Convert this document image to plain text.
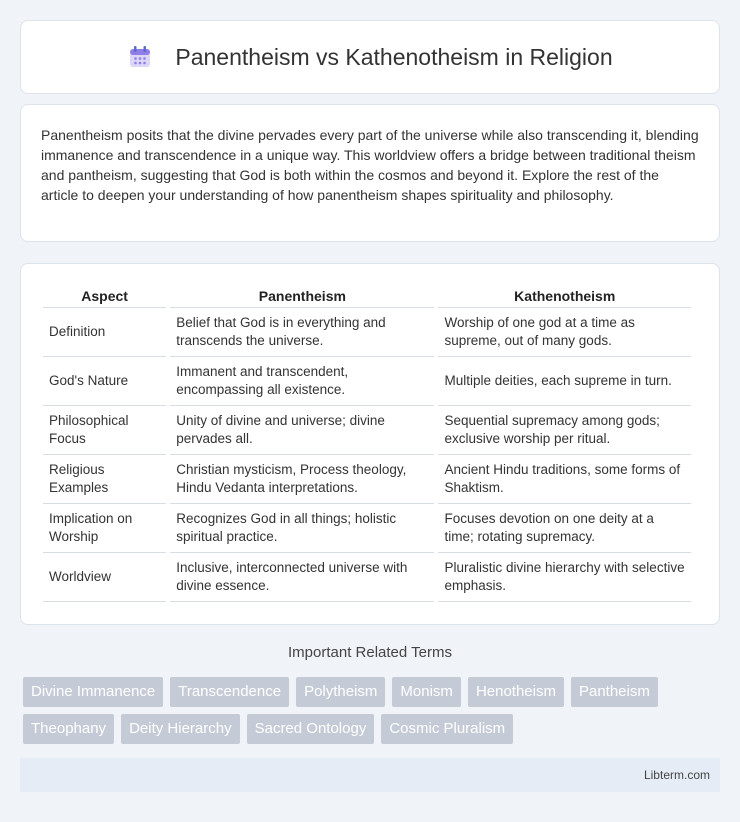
Panentheism vs Kathenotheism in Religion

Panentheism posits that the divine pervades every part of the universe while also transcending it, blending immanence and transcendence in a unique way. This worldview offers a bridge between traditional theism and pantheism, suggesting that God is both within the cosmos and beyond it. Explore the rest of the article to deepen your understanding of how panentheism shapes spirituality and philosophy.

Aspect	Panentheism	Kathenotheism
Definition	Belief that God is in everything and transcends the universe.	Worship of one god at a time as supreme, out of many gods.
God's Nature	Immanent and transcendent, encompassing all existence.	Multiple deities, each supreme in turn.
Philosophical Focus	Unity of divine and universe; divine pervades all.	Sequential supremacy among gods; exclusive worship per ritual.
Religious Examples	Christian mysticism, Process theology, Hindu Vedanta interpretations.	Ancient Hindu traditions, some forms of Shaktism.
Implication on Worship	Recognizes God in all things; holistic spiritual practice.	Focuses devotion on one deity at a time; rotating supremacy.
Worldview	Inclusive, interconnected universe with divine essence.	Pluralistic divine hierarchy with selective emphasis.
Important Related Terms
Divine Immanence	Transcendence	Polytheism	Monism	Henotheism	Pantheism
Theophany	Deity Hierarchy	Sacred Ontology	Cosmic Pluralism
Libterm.com
